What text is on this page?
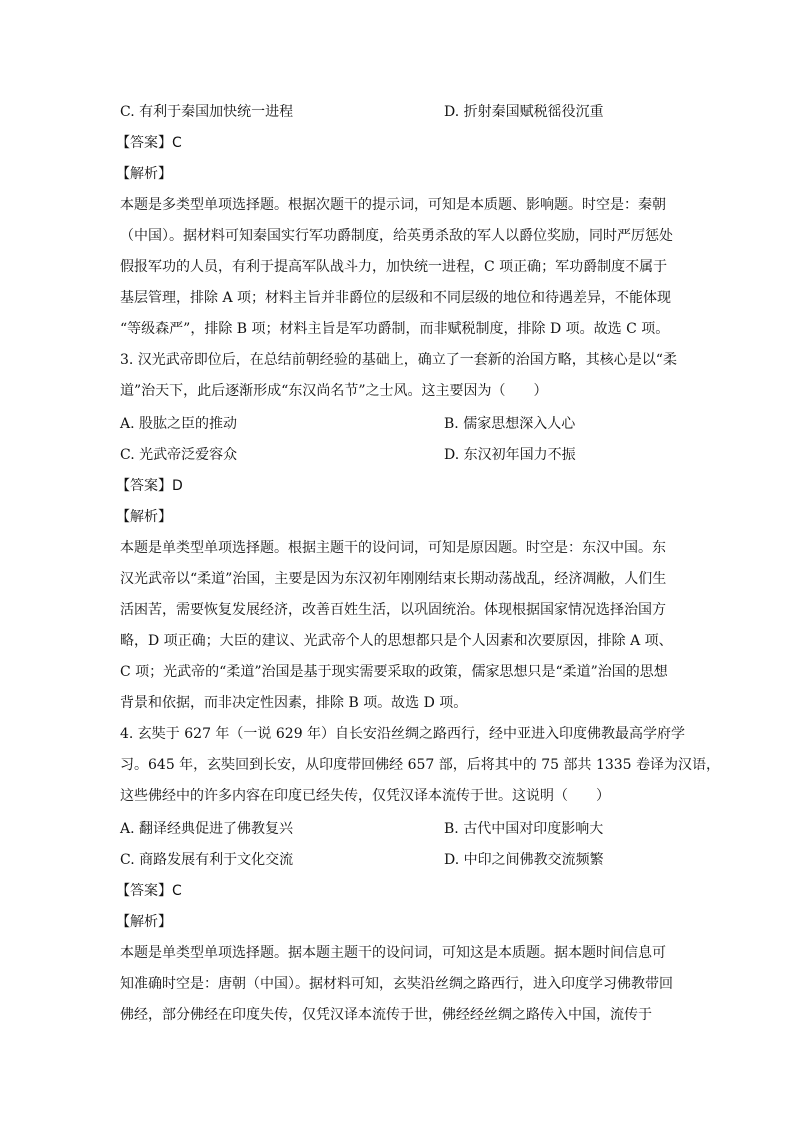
C. 有利于秦国加快统一进程	D. 折射秦国赋税徭役沉重
【答案】C
【解析】
本题是多类型单项选择题。根据次题干的提示词，可知是本质题、影响题。时空是：秦朝
（中国）。据材料可知秦国实行军功爵制度，给英勇杀敌的军人以爵位奖励，同时严厉惩处
假报军功的人员，有利于提高军队战斗力，加快统一进程，C 项正确；军功爵制度不属于
基层管理，排除 A 项；材料主旨并非爵位的层级和不同层级的地位和待遇差异，不能体现
“等级森严”，排除 B 项；材料主旨是军功爵制，而非赋税制度，排除 D 项。故选 C 项。
3. 汉光武帝即位后，在总结前朝经验的基础上，确立了一套新的治国方略，其核心是以“柔
道”治天下，此后逐渐形成“东汉尚名节”之士风。这主要因为（　　）
A. 股肱之臣的推动	B. 儒家思想深入人心
C. 光武帝泛爱容众	D. 东汉初年国力不振
【答案】D
【解析】
本题是单类型单项选择题。根据主题干的设问词，可知是原因题。时空是：东汉中国。东
汉光武帝以“柔道”治国，主要是因为东汉初年刚刚结束长期动荡战乱，经济凋敝，人们生
活困苦，需要恢复发展经济，改善百姓生活，以巩固统治。体现根据国家情况选择治国方
略，D 项正确；大臣的建议、光武帝个人的思想都只是个人因素和次要原因，排除 A 项、
C 项；光武帝的“柔道”治国是基于现实需要采取的政策，儒家思想只是“柔道”治国的思想
背景和依据，而非决定性因素，排除 B 项。故选 D 项。
4. 玄奘于 627 年（一说 629 年）自长安沿丝绸之路西行，经中亚进入印度佛教最高学府学
习。645 年，玄奘回到长安，从印度带回佛经 657 部，后将其中的 75 部共 1335 卷译为汉语，
这些佛经中的许多内容在印度已经失传，仅凭汉译本流传于世。这说明（　　）
A. 翻译经典促进了佛教复兴	B. 古代中国对印度影响大
C. 商路发展有利于文化交流	D. 中印之间佛教交流频繁
【答案】C
【解析】
本题是单类型单项选择题。据本题主题干的设问词，可知这是本质题。据本题时间信息可
知准确时空是：唐朝（中国）。据材料可知，玄奘沿丝绸之路西行，进入印度学习佛教带回
佛经，部分佛经在印度失传，仅凭汉译本流传于世，佛经经丝绸之路传入中国，流传于
